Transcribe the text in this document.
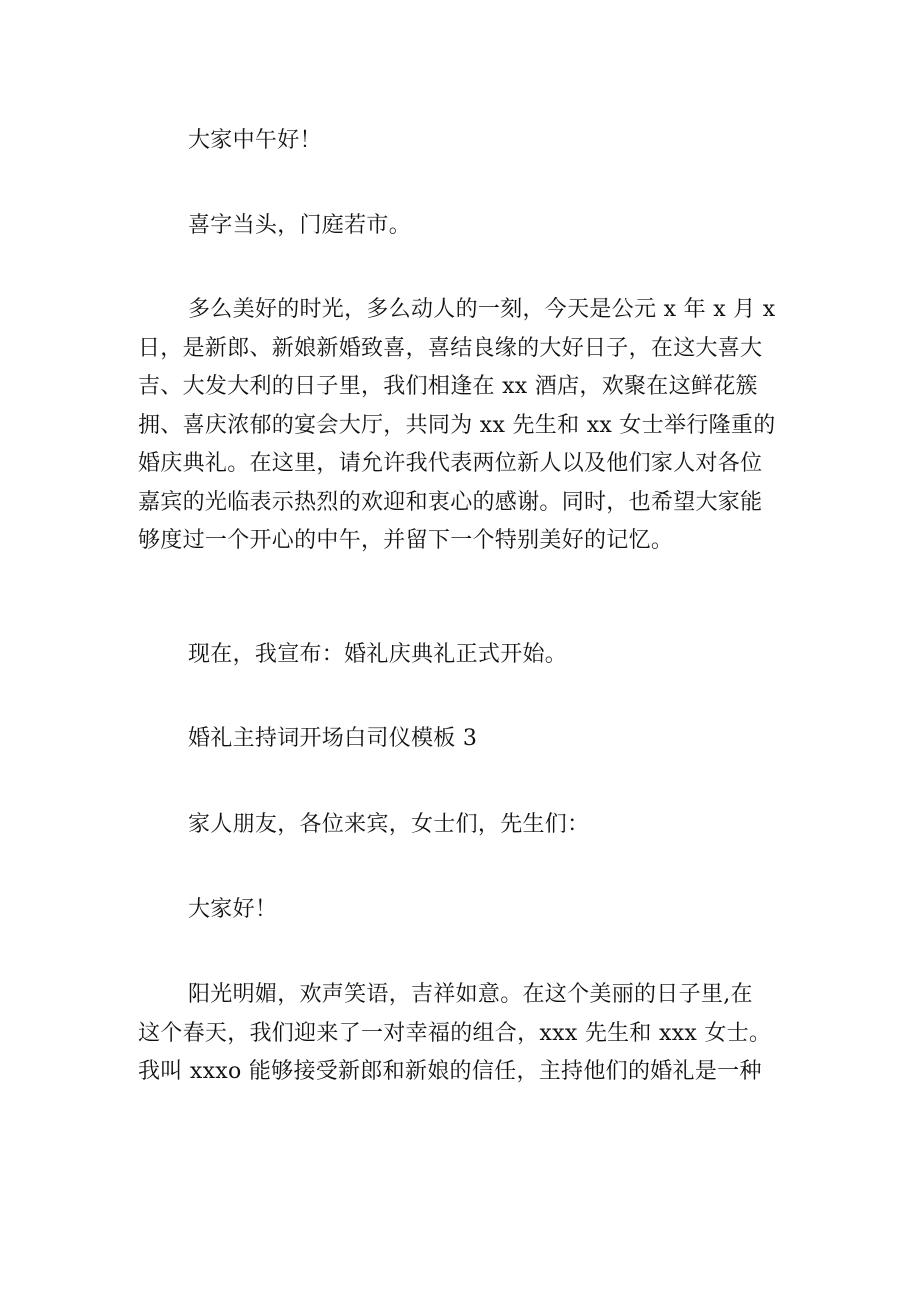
大家中午好！

喜字当头，门庭若市。

多么美好的时光，多么动人的一刻，今天是公元 x 年 x 月 x
日，是新郎、新娘新婚致喜，喜结良缘的大好日子，在这大喜大
吉、大发大利的日子里，我们相逢在 xx 酒店，欢聚在这鲜花簇
拥、喜庆浓郁的宴会大厅，共同为 xx 先生和 xx 女士举行隆重的
婚庆典礼。在这里，请允许我代表两位新人以及他们家人对各位
嘉宾的光临表示热烈的欢迎和衷心的感谢。同时，也希望大家能
够度过一个开心的中午，并留下一个特别美好的记忆。

现在，我宣布：婚礼庆典礼正式开始。

婚礼主持词开场白司仪模板 3

家人朋友，各位来宾，女士们，先生们：

大家好！

阳光明媚，欢声笑语，吉祥如意。在这个美丽的日子里,在
这个春天，我们迎来了一对幸福的组合，xxx 先生和 xxx 女士。
我叫 xxxo 能够接受新郎和新娘的信任，主持他们的婚礼是一种
